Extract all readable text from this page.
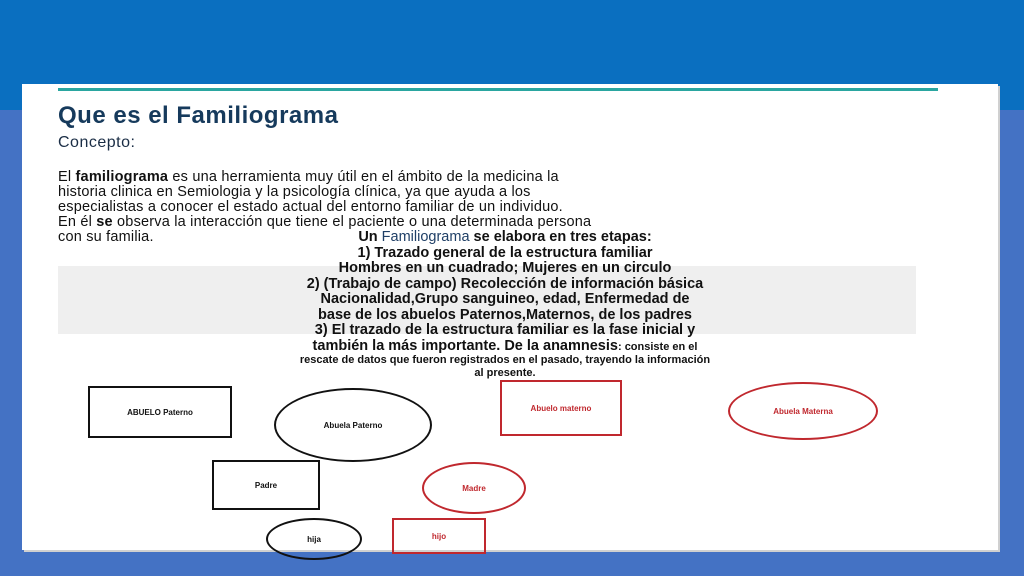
Que es el Familiograma
Concepto:
El familiograma es una herramienta muy útil en el ámbito de la medicina la
historia clinica en Semiologia y la psicología clínica, ya que ayuda a los
especialistas a conocer el estado actual del entorno familiar de un individuo.
En él se observa la interacción que tiene el paciente o una determinada persona
con su familia.	Un Familiograma se elabora en tres etapas:
1) Trazado general de la estructura familiar
Hombres en un cuadrado; Mujeres en un circulo
2) (Trabajo de campo) Recolección de información básica
Nacionalidad,Grupo sanguineo, edad, Enfermedad de
base de los abuelos Paternos,Maternos, de los padres
3) El trazado de la estructura familiar es la fase inicial y
también la más importante. De la anamnesis: consiste en el
rescate de datos que fueron registrados en el pasado, trayendo la información
al presente.
ABUELO Paterno
Abuela Paterno
Abuelo materno	Abuela Materna
Padre	Madre
hija	hijo
